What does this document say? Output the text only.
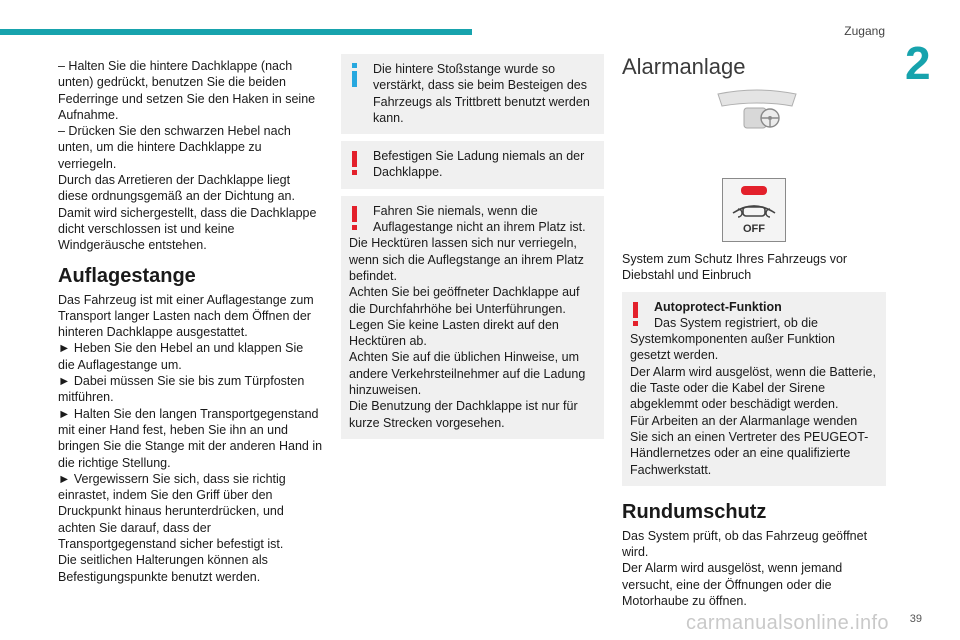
Zugang
2

– Halten Sie die hintere Dachklappe (nach unten) gedrückt, benutzen Sie die beiden Federringe und setzen Sie den Haken in seine Aufnahme.

– Drücken Sie den schwarzen Hebel nach unten, um die hintere Dachklappe zu verriegeln.

Durch das Arretieren der Dachklappe liegt diese ordnungsgemäß an der Dichtung an. Damit wird sichergestellt, dass die Dachklappe dicht verschlossen ist und keine Windgeräusche entstehen.

Auflagestange

Das Fahrzeug ist mit einer Auflagestange zum Transport langer Lasten nach dem Öffnen der hinteren Dachklappe ausgestattet.

► Heben Sie den Hebel an und klappen Sie die Auflagestange um.

► Dabei müssen Sie sie bis zum Türpfosten mitführen.

► Halten Sie den langen Transportgegenstand mit einer Hand fest, heben Sie ihn an und bringen Sie die Stange mit der anderen Hand in die richtige Stellung.

► Vergewissern Sie sich, dass sie richtig einrastet, indem Sie den Griff über den Druckpunkt hinaus herunterdrücken, und achten Sie darauf, dass der Transportgegenstand sicher befestigt ist.

Die seitlichen Halterungen können als Befestigungspunkte benutzt werden.

Die hintere Stoßstange wurde so verstärkt, dass sie beim Besteigen des Fahrzeugs als Trittbrett benutzt werden kann.
Befestigen Sie Ladung niemals an der Dachklappe.
Fahren Sie niemals, wenn die Auflagestange nicht an ihrem Platz ist.
Die Hecktüren lassen sich nur verriegeln, wenn sich die Auflegstange an ihrem Platz befindet.
Achten Sie bei geöffneter Dachklappe auf die Durchfahrhöhe bei Unterführungen.
Legen Sie keine Lasten direkt auf den Hecktüren ab.
Achten Sie auf die üblichen Hinweise, um andere Verkehrsteilnehmer auf die Ladung hinzuweisen.
Die Benutzung der Dachklappe ist nur für kurze Strecken vorgesehen.
Alarmanlage
OFF

System zum Schutz Ihres Fahrzeugs vor Diebstahl und Einbruch

Autoprotect-Funktion
Das System registriert, ob die
Systemkomponenten außer Funktion gesetzt werden.
Der Alarm wird ausgelöst, wenn die Batterie, die Taste oder die Kabel der Sirene abgeklemmt oder beschädigt werden.
Für Arbeiten an der Alarmanlage wenden Sie sich an einen Vertreter des PEUGEOT-Händlernetzes oder an eine qualifizierte Fachwerkstatt.
Rundumschutz

Das System prüft, ob das Fahrzeug geöffnet wird.

Der Alarm wird ausgelöst, wenn jemand versucht, eine der Öffnungen oder die Motorhaube zu öffnen.

39
carmanualsonline.info
